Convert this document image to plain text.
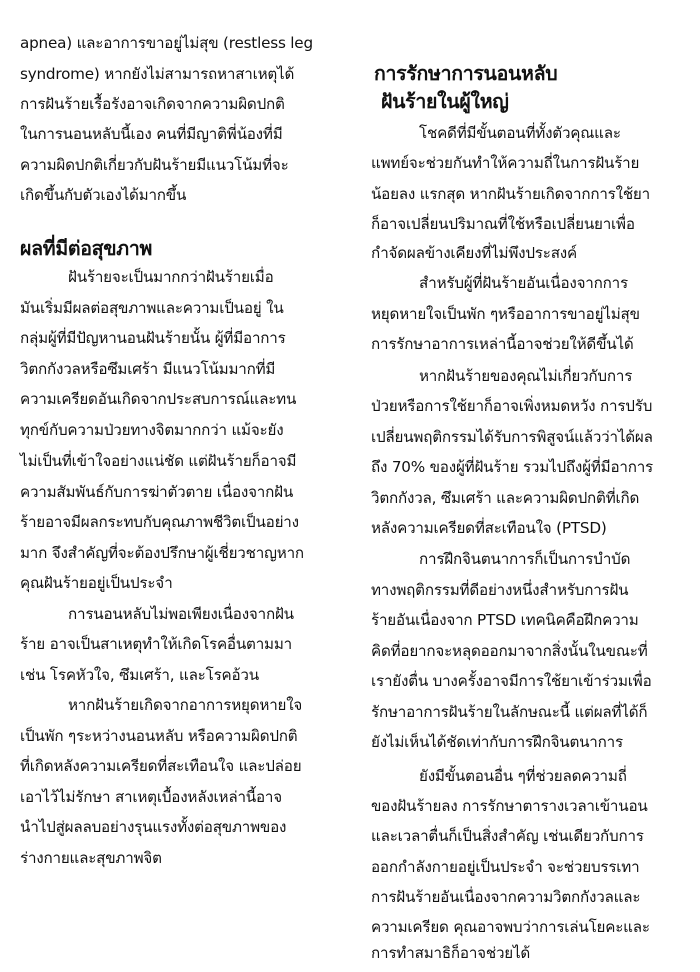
apnea) และอาการขาอยู่ไม่สุข (restless leg
syndrome) หากยังไม่สามารถหาสาเหตุได้
การฝันร้ายเรื้อรังอาจเกิดจากความผิดปกติ
ในการนอนหลับนี้เอง คนที่มีญาติพี่น้องที่มี
ความผิดปกติเกี่ยวกับฝันร้ายมีแนวโน้มที่จะ
เกิดขึ้นกับตัวเองได้มากขึ้น
ผลที่มีต่อสุขภาพ
ฝันร้ายจะเป็นมากกว่าฝันร้ายเมื่อ
มันเริ่มมีผลต่อสุขภาพและความเป็นอยู่ ใน
กลุ่มผู้ที่มีปัญหานอนฝันร้ายนั้น ผู้ที่มีอาการ
วิตกกังวลหรือซึมเศร้า มีแนวโน้มมากที่มี
ความเครียดอันเกิดจากประสบการณ์และทน
ทุกข์กับความป่วยทางจิตมากกว่า แม้จะยัง
ไม่เป็นที่เข้าใจอย่างแน่ชัด แต่ฝันร้ายก็อาจมี
ความสัมพันธ์กับการฆ่าตัวตาย เนื่องจากฝัน
ร้ายอาจมีผลกระทบกับคุณภาพชีวิตเป็นอย่าง
มาก จึงสำคัญที่จะต้องปรึกษาผู้เชี่ยวชาญหาก
คุณฝันร้ายอยู่เป็นประจำ
การนอนหลับไม่พอเพียงเนื่องจากฝัน
ร้าย อาจเป็นสาเหตุทำให้เกิดโรคอื่นตามมา
เช่น โรคหัวใจ, ซึมเศร้า, และโรคอ้วน
หากฝันร้ายเกิดจากอาการหยุดหายใจ
เป็นพัก ๆระหว่างนอนหลับ หรือความผิดปกติ
ที่เกิดหลังความเครียดที่สะเทือนใจ และปล่อย
เอาไว้ไม่รักษา สาเหตุเบื้องหลังเหล่านี้อาจ
นำไปสู่ผลลบอย่างรุนแรงทั้งต่อสุขภาพของ
ร่างกายและสุขภาพจิต
การรักษาการนอนหลับ
ฝันร้ายในผู้ใหญ่
โชคดีที่มีขั้นตอนที่ทั้งตัวคุณและ
แพทย์จะช่วยกันทำให้ความถี่ในการฝันร้าย
น้อยลง แรกสุด หากฝันร้ายเกิดจากการใช้ยา
ก็อาจเปลี่ยนปริมาณที่ใช้หรือเปลี่ยนยาเพื่อ
กำจัดผลข้างเคียงที่ไม่พึงประสงค์
สำหรับผู้ที่ฝันร้ายอันเนื่องจากการ
หยุดหายใจเป็นพัก ๆหรืออาการขาอยู่ไม่สุข
การรักษาอาการเหล่านี้อาจช่วยให้ดีขึ้นได้
หากฝันร้ายของคุณไม่เกี่ยวกับการ
ป่วยหรือการใช้ยาก็อาจเพิ่งหมดหวัง การปรับ
เปลี่ยนพฤติกรรมได้รับการพิสูจน์แล้วว่าได้ผล
ถึง 70% ของผู้ที่ฝันร้าย รวมไปถึงผู้ที่มีอาการ
วิตกกังวล, ซึมเศร้า และความผิดปกติที่เกิด
หลังความเครียดที่สะเทือนใจ (PTSD)
การฝึกจินตนาการก็เป็นการบำบัด
ทางพฤติกรรมที่ดีอย่างหนึ่งสำหรับการฝัน
ร้ายอันเนื่องจาก PTSD เทคนิคคือฝึกความ
คิดที่อยากจะหลุดออกมาจากสิ่งนั้นในขณะที่
เรายังตื่น บางครั้งอาจมีการใช้ยาเข้าร่วมเพื่อ
รักษาอาการฝันร้ายในลักษณะนี้ แต่ผลที่ได้ก็
ยังไม่เห็นได้ชัดเท่ากับการฝึกจินตนาการ
ยังมีขั้นตอนอื่น ๆที่ช่วยลดความถี่
ของฝันร้ายลง การรักษาตารางเวลาเข้านอน
และเวลาตื่นก็เป็นสิ่งสำคัญ เช่นเดียวกับการ
ออกกำลังกายอยู่เป็นประจำ จะช่วยบรรเทา
การฝันร้ายอันเนื่องจากความวิตกกังวลและ
ความเครียด คุณอาจพบว่าการเล่นโยคะและ
การทำสมาธิก็อาจช่วยได้
